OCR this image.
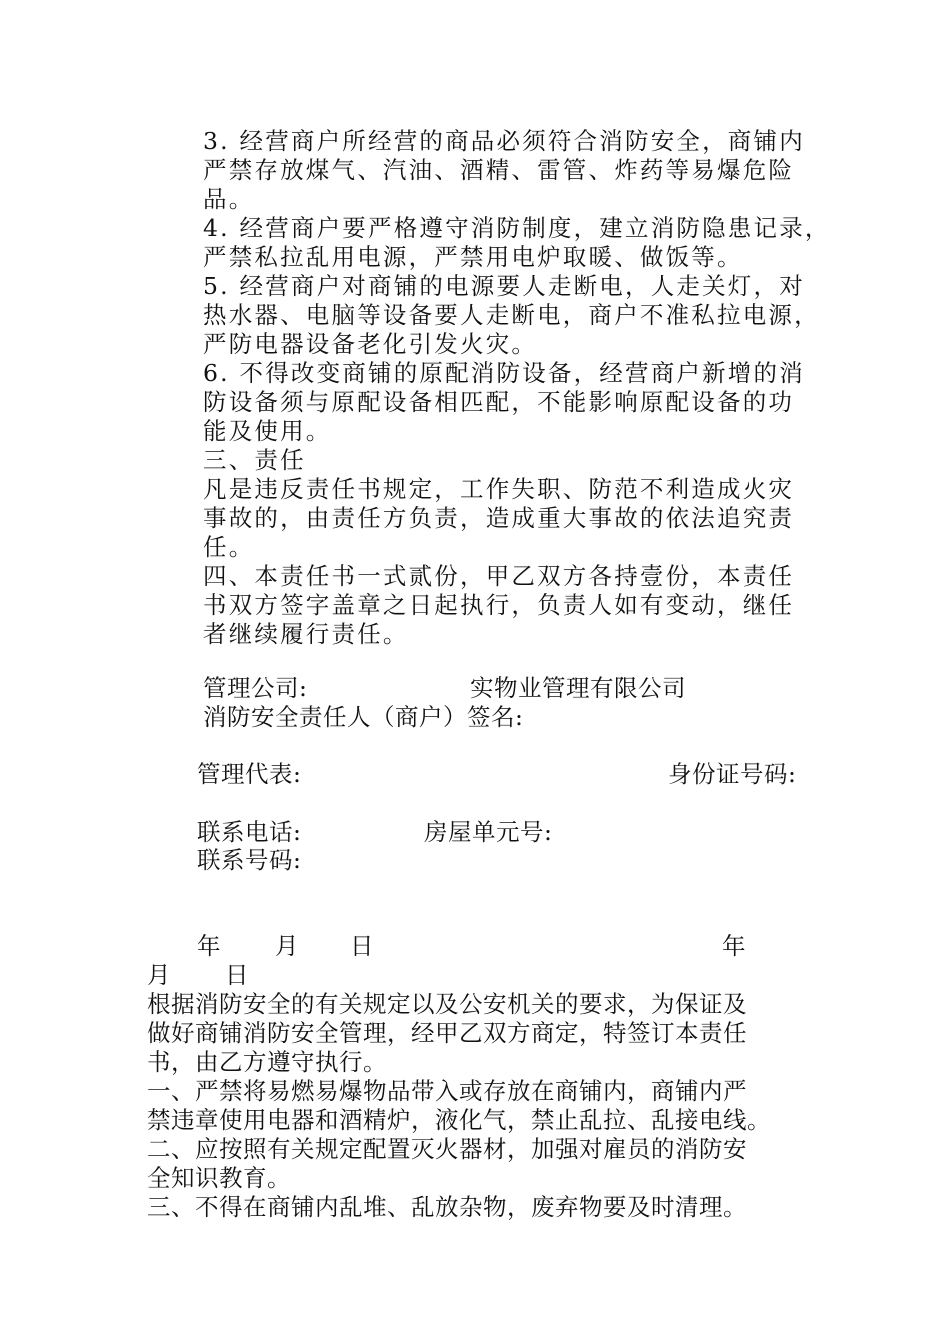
3. 经营商户所经营的商品必须符合消防安全，商铺内
严禁存放煤气、汽油、酒精、雷管、炸药等易爆危险
品。
4. 经营商户要严格遵守消防制度，建立消防隐患记录，
严禁私拉乱用电源，严禁用电炉取暖、做饭等。
5. 经营商户对商铺的电源要人走断电，人走关灯，对
热水器、电脑等设备要人走断电，商户不准私拉电源，
严防电器设备老化引发火灾。
6. 不得改变商铺的原配消防设备，经营商户新增的消
防设备须与原配设备相匹配，不能影响原配设备的功
能及使用。
三、责任
凡是违反责任书规定，工作失职、防范不利造成火灾
事故的，由责任方负责，造成重大事故的依法追究责
任。
四、本责任书一式贰份，甲乙双方各持壹份，本责任
书双方签字盖章之日起执行，负责人如有变动，继任
者继续履行责任。
管理公司:	实物业管理有限公司
消防安全责任人（商户）签名:
管理代表:	身份证号码:
联系电话:	房屋单元号:
联系号码:
年 月 日	年
月 日
根据消防安全的有关规定以及公安机关的要求，为保证及
做好商铺消防安全管理，经甲乙双方商定，特签订本责任
书，由乙方遵守执行。
一、严禁将易燃易爆物品带入或存放在商铺内，商铺内严
禁违章使用电器和酒精炉，液化气，禁止乱拉、乱接电线。
二、应按照有关规定配置灭火器材，加强对雇员的消防安
全知识教育。
三、不得在商铺内乱堆、乱放杂物，废弃物要及时清理。
